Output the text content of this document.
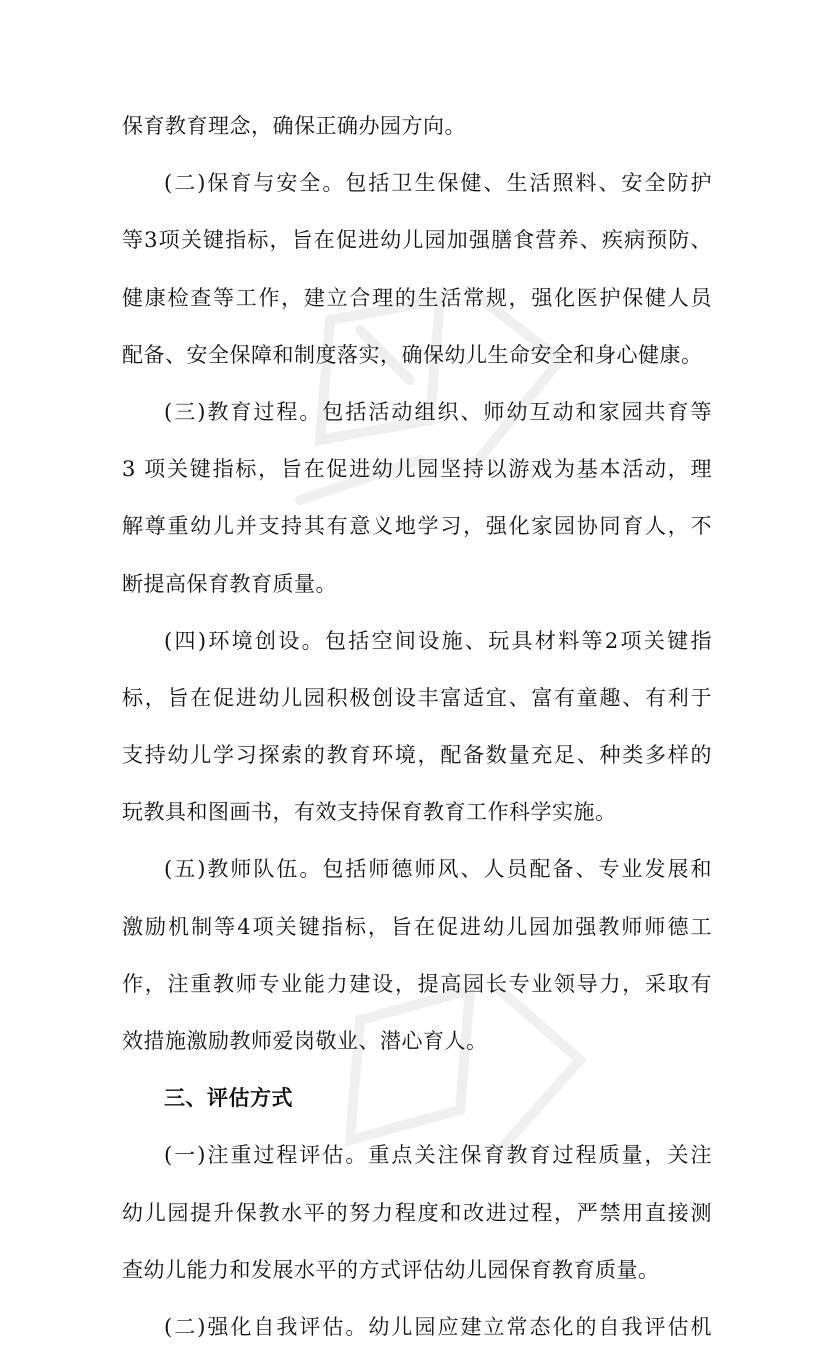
保育教育理念，确保正确办园方向。
(二)保育与安全。包括卫生保健、生活照料、安全防护
等3项关键指标，旨在促进幼儿园加强膳食营养、疾病预防、
健康检查等工作，建立合理的生活常规，强化医护保健人员
配备、安全保障和制度落实，确保幼儿生命安全和身心健康。
(三)教育过程。包括活动组织、师幼互动和家园共育等
3 项关键指标，旨在促进幼儿园坚持以游戏为基本活动，理
解尊重幼儿并支持其有意义地学习，强化家园协同育人，不
断提高保育教育质量。
(四)环境创设。包括空间设施、玩具材料等2项关键指
标，旨在促进幼儿园积极创设丰富适宜、富有童趣、有利于
支持幼儿学习探索的教育环境，配备数量充足、种类多样的
玩教具和图画书，有效支持保育教育工作科学实施。
(五)教师队伍。包括师德师风、人员配备、专业发展和
激励机制等4项关键指标，旨在促进幼儿园加强教师师德工
作，注重教师专业能力建设，提高园长专业领导力，采取有
效措施激励教师爱岗敬业、潜心育人。
三、评估方式
(一)注重过程评估。重点关注保育教育过程质量，关注
幼儿园提升保教水平的努力程度和改进过程，严禁用直接测
查幼儿能力和发展水平的方式评估幼儿园保育教育质量。
(二)强化自我评估。幼儿园应建立常态化的自我评估机
